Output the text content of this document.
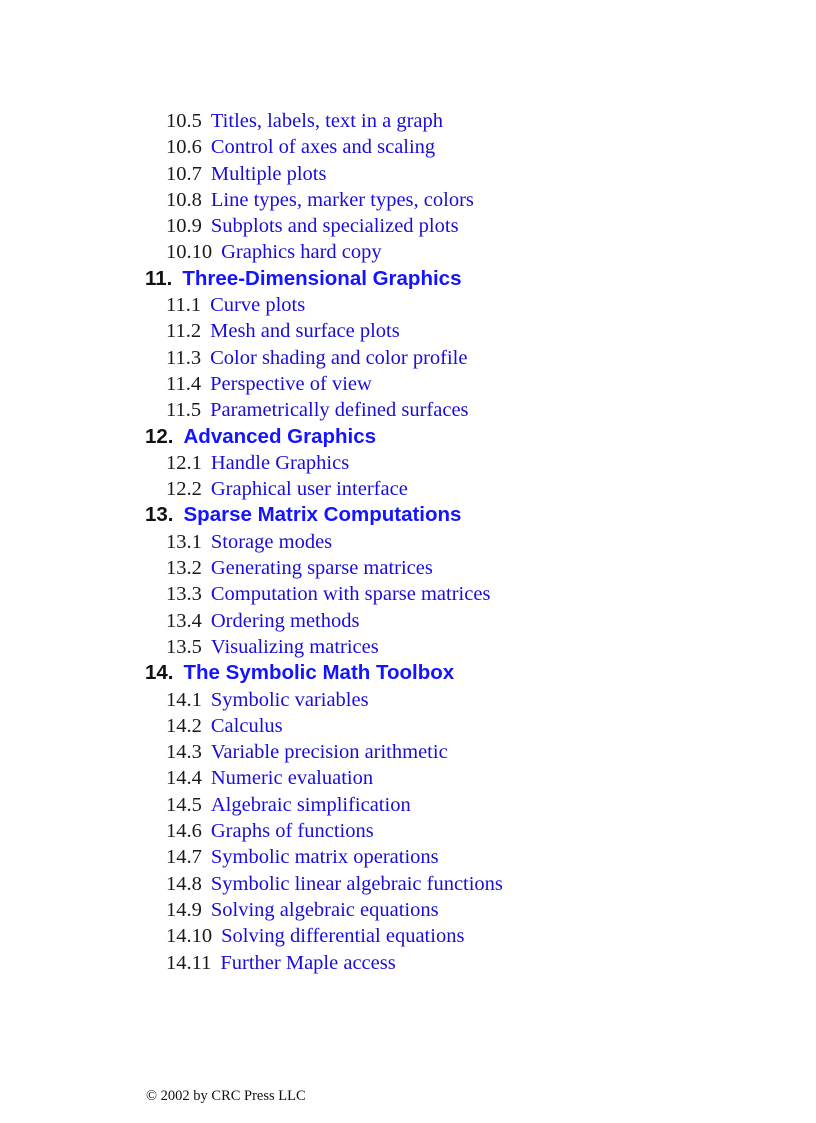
10.5 Titles, labels, text in a graph
10.6 Control of axes and scaling
10.7 Multiple plots
10.8 Line types, marker types, colors
10.9 Subplots and specialized plots
10.10 Graphics hard copy
11. Three-Dimensional Graphics
11.1 Curve plots
11.2 Mesh and surface plots
11.3 Color shading and color profile
11.4 Perspective of view
11.5 Parametrically defined surfaces
12. Advanced Graphics
12.1 Handle Graphics
12.2 Graphical user interface
13. Sparse Matrix Computations
13.1 Storage modes
13.2 Generating sparse matrices
13.3 Computation with sparse matrices
13.4 Ordering methods
13.5 Visualizing matrices
14. The Symbolic Math Toolbox
14.1 Symbolic variables
14.2 Calculus
14.3 Variable precision arithmetic
14.4 Numeric evaluation
14.5 Algebraic simplification
14.6 Graphs of functions
14.7 Symbolic matrix operations
14.8 Symbolic linear algebraic functions
14.9 Solving algebraic equations
14.10 Solving differential equations
14.11 Further Maple access
© 2002 by CRC Press LLC
